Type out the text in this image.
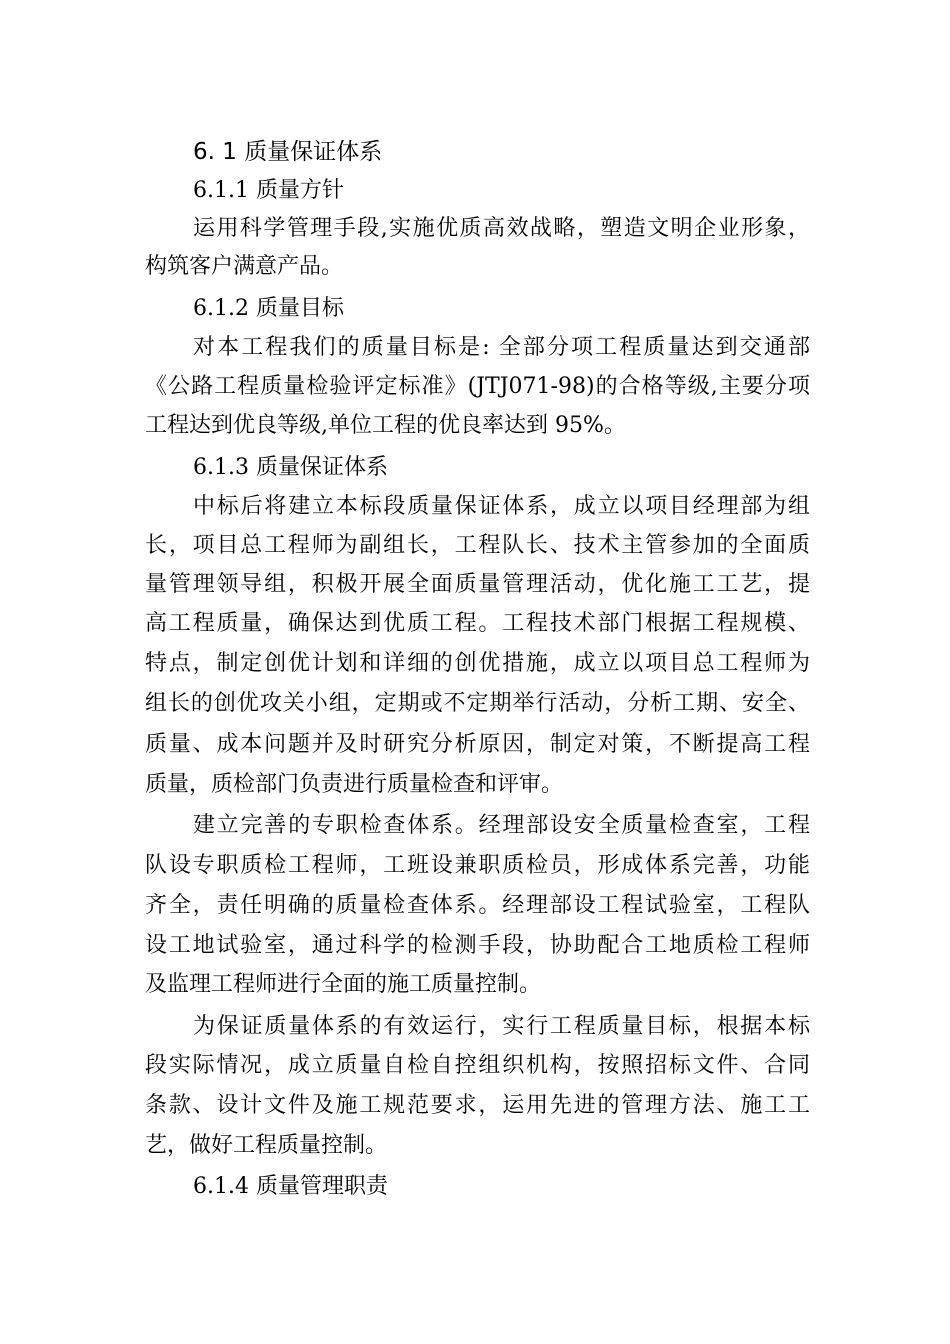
6. 1 质量保证体系
6.1.1 质量方针
运用科学管理手段,实施优质高效战略，塑造文明企业形象，
构筑客户满意产品。
6.1.2 质量目标
对本工程我们的质量目标是: 全部分项工程质量达到交通部
《公路工程质量检验评定标准》(JTJ071-98)的合格等级,主要分项
工程达到优良等级,单位工程的优良率达到 95%。
6.1.3 质量保证体系
中标后将建立本标段质量保证体系，成立以项目经理部为组
长，项目总工程师为副组长，工程队长、技术主管参加的全面质
量管理领导组，积极开展全面质量管理活动，优化施工工艺，提
高工程质量，确保达到优质工程。工程技术部门根据工程规模、
特点，制定创优计划和详细的创优措施，成立以项目总工程师为
组长的创优攻关小组，定期或不定期举行活动，分析工期、安全、
质量、成本问题并及时研究分析原因，制定对策，不断提高工程
质量，质检部门负责进行质量检查和评审。
建立完善的专职检查体系。经理部设安全质量检查室，工程
队设专职质检工程师，工班设兼职质检员，形成体系完善，功能
齐全，责任明确的质量检查体系。经理部设工程试验室，工程队
设工地试验室，通过科学的检测手段，协助配合工地质检工程师
及监理工程师进行全面的施工质量控制。
为保证质量体系的有效运行，实行工程质量目标，根据本标
段实际情况，成立质量自检自控组织机构，按照招标文件、合同
条款、设计文件及施工规范要求，运用先进的管理方法、施工工
艺，做好工程质量控制。
6.1.4 质量管理职责
